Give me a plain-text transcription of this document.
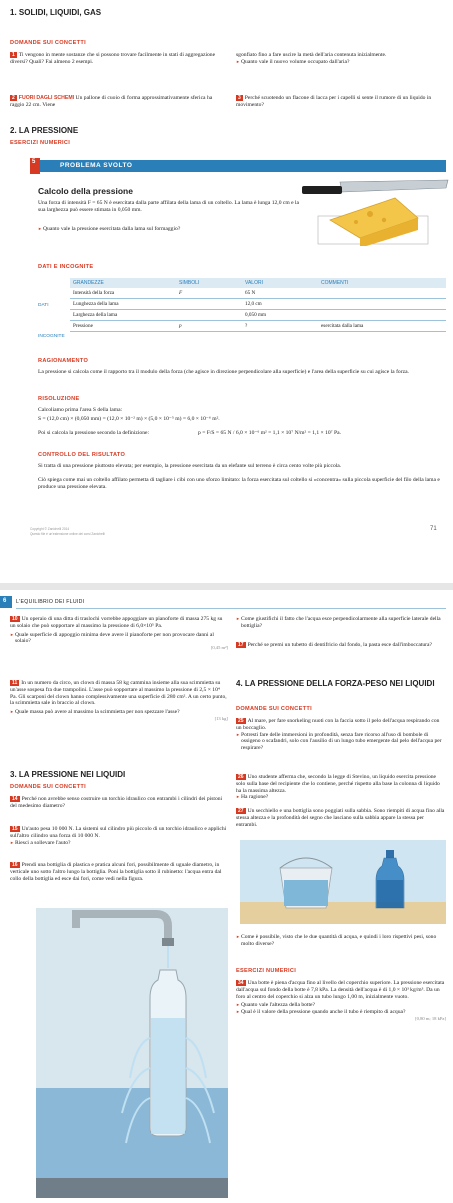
1. SOLIDI, LIQUIDI, GAS
DOMANDE SUI CONCETTI
1 Ti vengono in mente sostanze che si possono trovare facilmente in stati di aggregazione diversi? Quali? Fai almeno 2 esempi.
sgonfiato fino a fare uscire la metà dell'aria contenuta inizialmente.
► Quanto vale il nuovo volume occupato dall'aria?
2 FUORI DAGLI SCHEMI Un pallone di cuoio di forma approssimativamente sferica ha raggio 22 cm. Viene
3 Perché scuotendo un flacone di lacca per i capelli si sente il rumore di un liquido in movimento?
2. LA PRESSIONE
ESERCIZI NUMERICI
PROBLEMA SVOLTO
5
Calcolo della pressione
Una forza di intensità F = 65 N è esercitata dalla parte affilata della lama di un coltello. La lama è lunga 12,0 cm e la sua larghezza può essere stimata in 0,050 mm.
► Quanto vale la pressione esercitata dalla lama sul formaggio?
DATI E INCOGNITE
GRANDEZZE	SIMBOLI	VALORI	COMMENTI
Intensità della forza	F	65 N	
Lunghezza della lama		12,0 cm	
Larghezza della lama		0,050 mm	
Pressione	p	?	esercitata dalla lama
DATI
INCOGNITE
RAGIONAMENTO
La pressione si calcola come il rapporto tra il modulo della forza (che agisce in direzione perpendicolare alla superficie) e l'area della superficie su cui agisce la forza.
RISOLUZIONE
Calcoliamo prima l'area S della lama:
S = (12,0 cm) × (0,050 mm) = (12,0 × 10⁻² m) × (5,0 × 10⁻⁵ m) = 6,0 × 10⁻⁶ m².
Poi si calcola la pressione secondo la definizione:	p = F/S = 65 N / 6,0 × 10⁻⁶ m² = 1,1 × 10⁷ N/m² = 1,1 × 10⁷ Pa.
CONTROLLO DEL RISULTATO
Si tratta di una pressione piuttosto elevata; per esempio, la pressione esercitata da un elefante sul terreno è circa cento volte più piccola.
Ciò spiega come mai un coltello affilato permetta di tagliare i cibi con uno sforzo limitato: la forza esercitata sul coltello si «concentra» sulla piccola superficie del filo della lama e produce una pressione elevata.
Copyright © Zanichelli 2014
Questo file è un'estensione online dei corsi Zanichelli
71
6 L'EQUILIBRIO DEI FLUIDI
10 Un operaio di una ditta di traslochi vorrebbe appoggiare un pianoforte di massa 275 kg su un solaio che può sopportare al massimo la pressione di 6,0×10⁵ Pa.
► Quale superficie di appoggio minima deve avere il pianoforte per non provocare danni al solaio?
[0,45 m²]
11 In un numero da circo, un clown di massa 58 kg cammina insieme alla sua scimmietta su un'asse sospesa fra due trampolini. L'asse può sopportare al massimo la pressione di 2,5 × 10⁴ Pa. Gli scarponi del clown hanno complessivamente una superficie di 280 cm². A un certo punto, la scimmietta sale in braccio al clown.
► Quale massa può avere al massimo la scimmietta per non spezzare l'asse?
[13 kg]
3. LA PRESSIONE NEI LIQUIDI
DOMANDE SUI CONCETTI
14 Perché non avrebbe senso costruire un torchio idraulico con entrambi i cilindri dei pistoni del medesimo diametro?
15 Un'auto pesa 10 000 N. La sistemi sul cilindro più piccolo di un torchio idraulico e applichi sull'altro cilindro una forza di 10 000 N.
► Riesci a sollevare l'auto?
16 Prendi una bottiglia di plastica e pratica alcuni fori, possibilmente di uguale diametro, in verticale uno sotto l'altro lungo la bottiglia. Poni la bottiglia sotto il rubinetto: l'acqua entra dal collo della bottiglia ed esce dai fori, come vedi nella figura.
► Come giustifichi il fatto che l'acqua esce perpendicolarmente alla superficie laterale della bottiglia?
17 Perché se premi un tubetto di dentifricio dal fondo, la pasta esce dall'imboccatura?
4. LA PRESSIONE DELLA FORZA-PESO NEI LIQUIDI
DOMANDE SUI CONCETTI
25 Al mare, per fare snorkeling nuoti con la faccia sotto il pelo dell'acqua respirando con un boccaglio.
► Potresti fare delle immersioni in profondità, senza fare ricorso all'uso di bombole di ossigeno o scafandri, solo con l'ausilio di un lungo tubo emergente dal pelo dell'acqua per respirare?
26 Uno studente afferma che, secondo la legge di Stevino, un liquido esercita pressione solo sulla base del recipiente che lo contiene, perché rispetto alla base la colonna di liquido ha la massima altezza.
► Ha ragione?
27 Un secchiello e una bottiglia sono poggiati sulla sabbia. Sono riempiti di acqua fino alla stessa altezza e la profondità del segno che lasciano sulla sabbia appare la stessa per entrambi.
► Come è possibile, visto che le due quantità di acqua, e quindi i loro rispettivi pesi, sono molto diverse?
ESERCIZI NUMERICI
34 Una botte è piena d'acqua fino al livello del coperchio superiore. La pressione esercitata dall'acqua sul fondo della botte è 7,8 kPa. La densità dell'acqua è di 1,0 × 10³ kg/m³. Da un foro al centro del coperchio si alza un tubo lungo 1,00 m, inizialmente vuoto.
► Quanto vale l'altezza della botte?
► Qual è il valore della pressione quando anche il tubo è riempito di acqua?
[0,80 m; 18 kPa]
